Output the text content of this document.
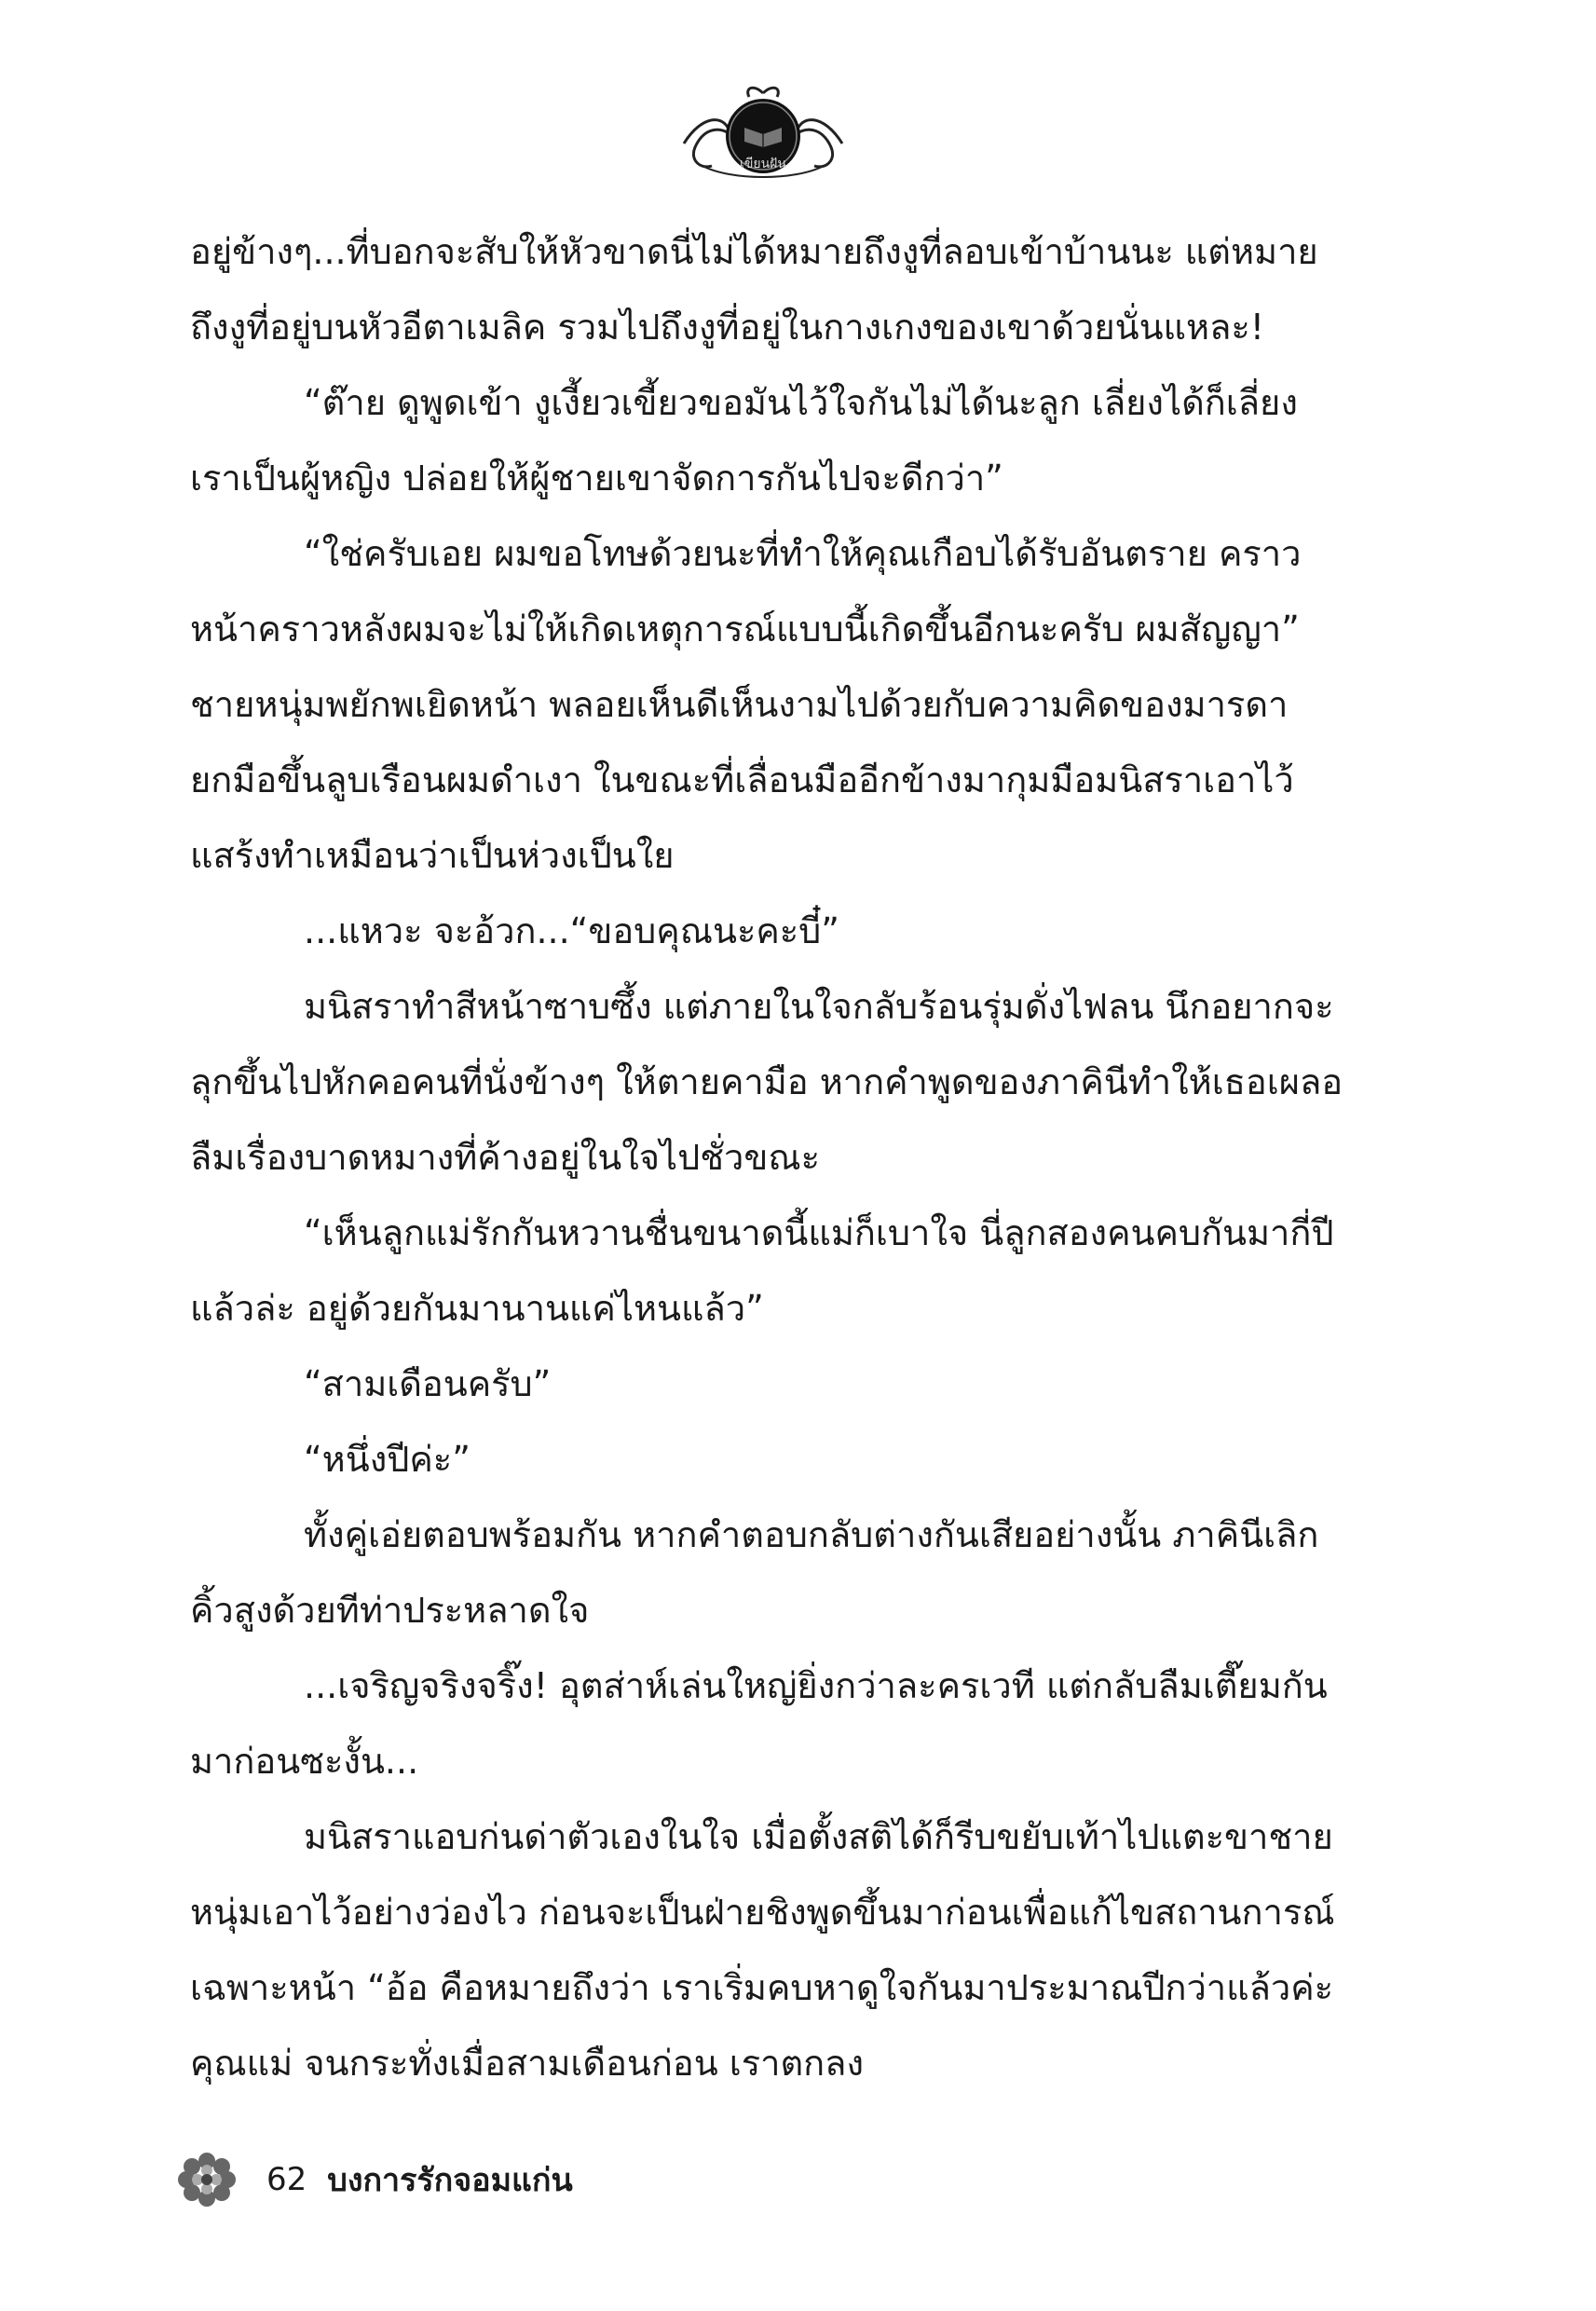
เขียนฝัน

อยู่ข้างๆ...ที่บอกจะสับให้หัวขาดนี่ไม่ได้หมายถึงงูที่ลอบเข้าบ้านนะ แต่หมายถึงงูที่อยู่บนหัวอีตาเมลิค รวมไปถึงงูที่อยู่ในกางเกงของเขาด้วยนั่นแหละ!

“ต๊าย ดูพูดเข้า งูเงี้ยวเขี้ยวขอมันไว้ใจกันไม่ได้นะลูก เลี่ยงได้ก็เลี่ยง เราเป็นผู้หญิง ปล่อยให้ผู้ชายเขาจัดการกันไปจะดีกว่า”

“ใช่ครับเอย ผมขอโทษด้วยนะที่ทำให้คุณเกือบได้รับอันตราย คราวหน้าคราวหลังผมจะไม่ให้เกิดเหตุการณ์แบบนี้เกิดขึ้นอีกนะครับ ผมสัญญา” ชายหนุ่มพยักพเยิดหน้า พลอยเห็นดีเห็นงามไปด้วยกับความคิดของมารดา ยกมือขึ้นลูบเรือนผมดำเงา ในขณะที่เลื่อนมืออีกข้างมากุมมือมนิสราเอาไว้ แสร้งทำเหมือนว่าเป็นห่วงเป็นใย

...แหวะ จะอ้วก...“ขอบคุณนะคะบี๋”

มนิสราทำสีหน้าซาบซึ้ง แต่ภายในใจกลับร้อนรุ่มดั่งไฟลน นึกอยากจะลุกขึ้นไปหักคอคนที่นั่งข้างๆ ให้ตายคามือ หากคำพูดของภาคินีทำให้เธอเผลอลืมเรื่องบาดหมางที่ค้างอยู่ในใจไปชั่วขณะ

“เห็นลูกแม่รักกันหวานชื่นขนาดนี้แม่ก็เบาใจ นี่ลูกสองคนคบกันมากี่ปีแล้วล่ะ อยู่ด้วยกันมานานแค่ไหนแล้ว”

“สามเดือนครับ”

“หนึ่งปีค่ะ”

ทั้งคู่เอ่ยตอบพร้อมกัน หากคำตอบกลับต่างกันเสียอย่างนั้น ภาคินีเลิกคิ้วสูงด้วยทีท่าประหลาดใจ

...เจริญจริงจริ๊ง! อุตส่าห์เล่นใหญ่ยิ่งกว่าละครเวที แต่กลับลืมเตี๊ยมกันมาก่อนซะงั้น...

มนิสราแอบก่นด่าตัวเองในใจ เมื่อตั้งสติได้ก็รีบขยับเท้าไปแตะขาชายหนุ่มเอาไว้อย่างว่องไว ก่อนจะเป็นฝ่ายชิงพูดขึ้นมาก่อนเพื่อแก้ไขสถานการณ์เฉพาะหน้า “อ้อ คือหมายถึงว่า เราเริ่มคบหาดูใจกันมาประมาณปีกว่าแล้วค่ะคุณแม่ จนกระทั่งเมื่อสามเดือนก่อน เราตกลง

62 บงการรักจอมแก่น
